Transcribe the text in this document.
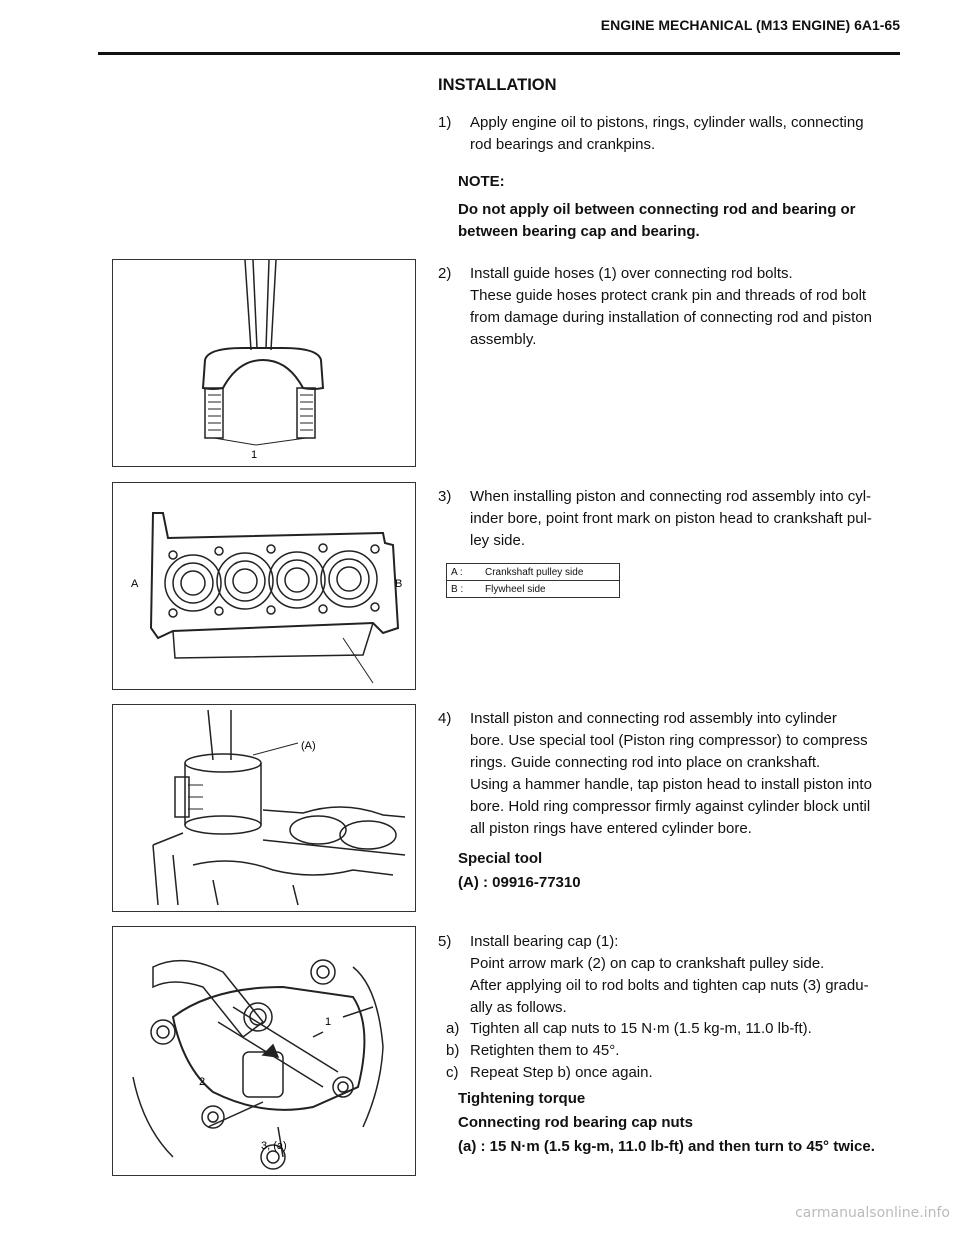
ENGINE MECHANICAL (M13 ENGINE) 6A1-65
INSTALLATION
1) Apply engine oil to pistons, rings, cylinder walls, connecting
rod bearings and crankpins.
NOTE:
Do not apply oil between connecting rod and bearing or
between bearing cap and bearing.
1
2) Install guide hoses (1) over connecting rod bolts.
These guide hoses protect crank pin and threads of rod bolt
from damage during installation of connecting rod and piston
assembly.
A	B
3) When installing piston and connecting rod assembly into cyl-
inder bore, point front mark on piston head to crankshaft pul-
ley side.
A :	Crankshaft pulley side
B :	Flywheel side
(A)
4) Install piston and connecting rod assembly into cylinder
bore. Use special tool (Piston ring compressor) to compress
rings. Guide connecting rod into place on crankshaft.
Using a hammer handle, tap piston head to install piston into
bore. Hold ring compressor firmly against cylinder block until
all piston rings have entered cylinder bore.
Special tool
(A) : 09916-77310
1
2
3, (a)
5) Install bearing cap (1):
Point arrow mark (2) on cap to crankshaft pulley side.
After applying oil to rod bolts and tighten cap nuts (3) gradu-
ally as follows.
a) Tighten all cap nuts to 15 N·m (1.5 kg-m, 11.0 lb-ft).
b) Retighten them to 45°.
c) Repeat Step b) once again.
Tightening torque
Connecting rod bearing cap nuts
(a) : 15 N·m (1.5 kg-m, 11.0 lb-ft) and then turn to 45° twice.
carmanualsonline.info
